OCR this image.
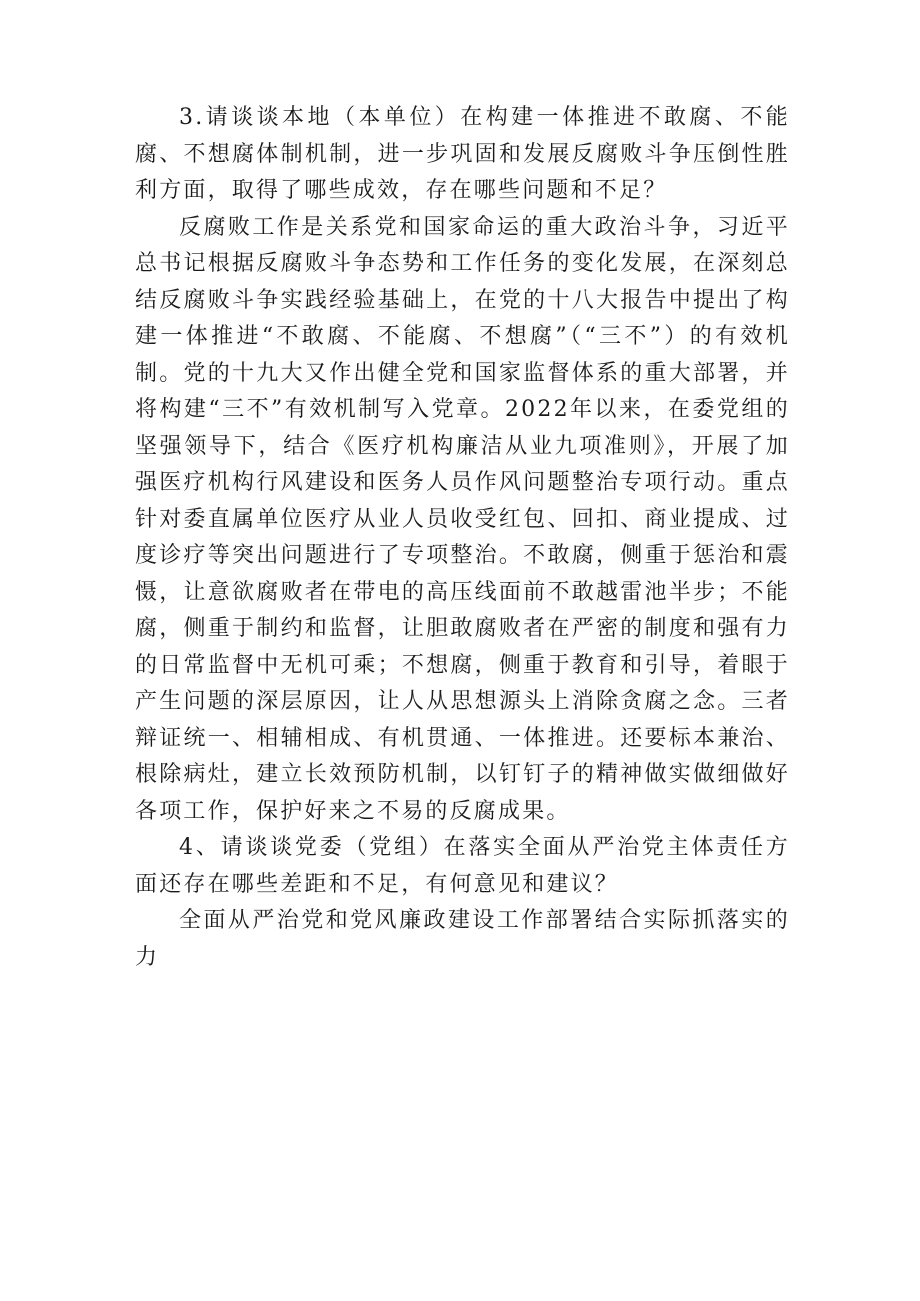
3.请谈谈本地（本单位）在构建一体推进不敢腐、不能腐、不想腐体制机制，进一步巩固和发展反腐败斗争压倒性胜利方面，取得了哪些成效，存在哪些问题和不足？

反腐败工作是关系党和国家命运的重大政治斗争，习近平总书记根据反腐败斗争态势和工作任务的变化发展，在深刻总结反腐败斗争实践经验基础上，在党的十八大报告中提出了构建一体推进“不敢腐、不能腐、不想腐”（“三不”）的有效机制。党的十九大又作出健全党和国家监督体系的重大部署，并将构建“三不”有效机制写入党章。2022年以来，在委党组的坚强领导下，结合《医疗机构廉洁从业九项准则》，开展了加强医疗机构行风建设和医务人员作风问题整治专项行动。重点针对委直属单位医疗从业人员收受红包、回扣、商业提成、过度诊疗等突出问题进行了专项整治。不敢腐，侧重于惩治和震慑，让意欲腐败者在带电的高压线面前不敢越雷池半步；不能腐，侧重于制约和监督，让胆敢腐败者在严密的制度和强有力的日常监督中无机可乘；不想腐，侧重于教育和引导，着眼于产生问题的深层原因，让人从思想源头上消除贪腐之念。三者辩证统一、相辅相成、有机贯通、一体推进。还要标本兼治、根除病灶，建立长效预防机制，以钉钉子的精神做实做细做好各项工作，保护好来之不易的反腐成果。

4、请谈谈党委（党组）在落实全面从严治党主体责任方面还存在哪些差距和不足，有何意见和建议？

全面从严治党和党风廉政建设工作部署结合实际抓落实的力
